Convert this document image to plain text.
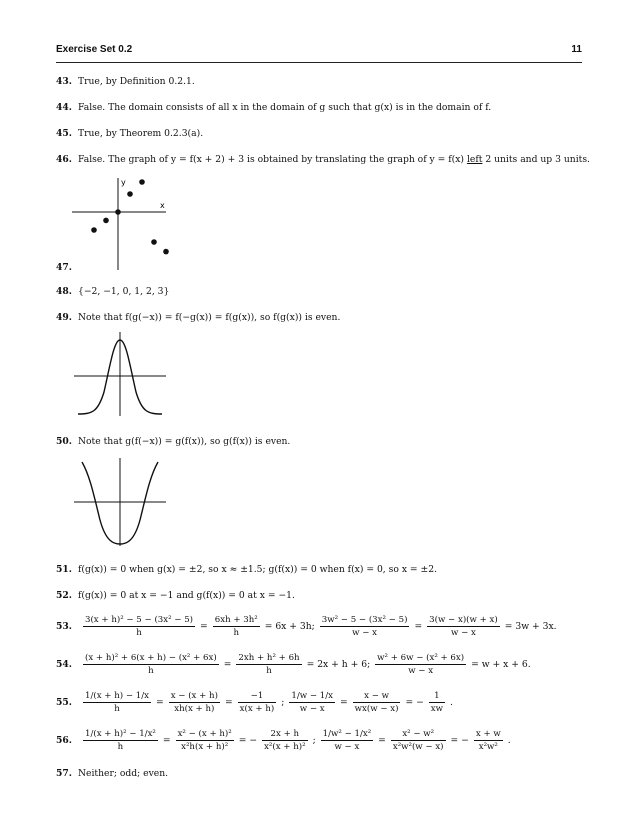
Exercise Set 0.2	11
43. True, by Definition 0.2.1.
44. False. The domain consists of all x in the domain of g such that g(x) is in the domain of f.
45. True, by Theorem 0.2.3(a).
46. False. The graph of y = f(x + 2) + 3 is obtained by translating the graph of y = f(x) left 2 units and up 3 units.
x
y
47.
48. {−2, −1, 0, 1, 2, 3}
49. Note that f(g(−x)) = f(−g(x)) = f(g(x)), so f(g(x)) is even.
50. Note that g(f(−x)) = g(f(x)), so g(f(x)) is even.
51. f(g(x)) = 0 when g(x) = ±2, so x ≈ ±1.5; g(f(x)) = 0 when f(x) = 0, so x = ±2.
52. f(g(x)) = 0 at x = −1 and g(f(x)) = 0 at x = −1.
53. $\frac{\text{3(x + h)² − 5 − (3x² − 5)}}{h} = \frac{\text{6xh + 3h²}}{h} = 6x + 3h$; $\frac{\text{3w² − 5 − (3x² − 5)}}{w - x} = \frac{3(w - x)(w + x)}{w - x} = 3w + 3x$.
54. $\frac{\text{(x + h)² + 6(x + h) − (x² + 6x)}}{h} = \frac{\text{2xh + h² + 6h}}{h} = 2x + h + 6$; $\frac{\text{w² + 6w − (x² + 6x)}}{w - x} = w + x + 6$.
55. $\frac{1/(x + h) - 1/x}{h} = \frac{x - (x + h)}{xh(x + h)} = \frac{-1}{x(x + h)}$ ; $\frac{1/w - 1/x}{w - x} = \frac{x - w}{wx(w - x)}$ = − $\frac{1}{xw}$ .
56. $\frac{\text{1/(x + h)² − 1/x²}}{h} = \frac{\text{x² − (x + h)²}}{\text{x²h(x + h)²}}$ = − $\frac{2x + h}{\text{x²(x + h)²}}$ ; $\frac{\text{1/w² − 1/x²}}{w - x} = \frac{\text{x² − w²}}{\text{x²w²(w − x)}}$ = − $\frac{x + w}{\text{x²w²}}$ .
57. Neither; odd; even.
